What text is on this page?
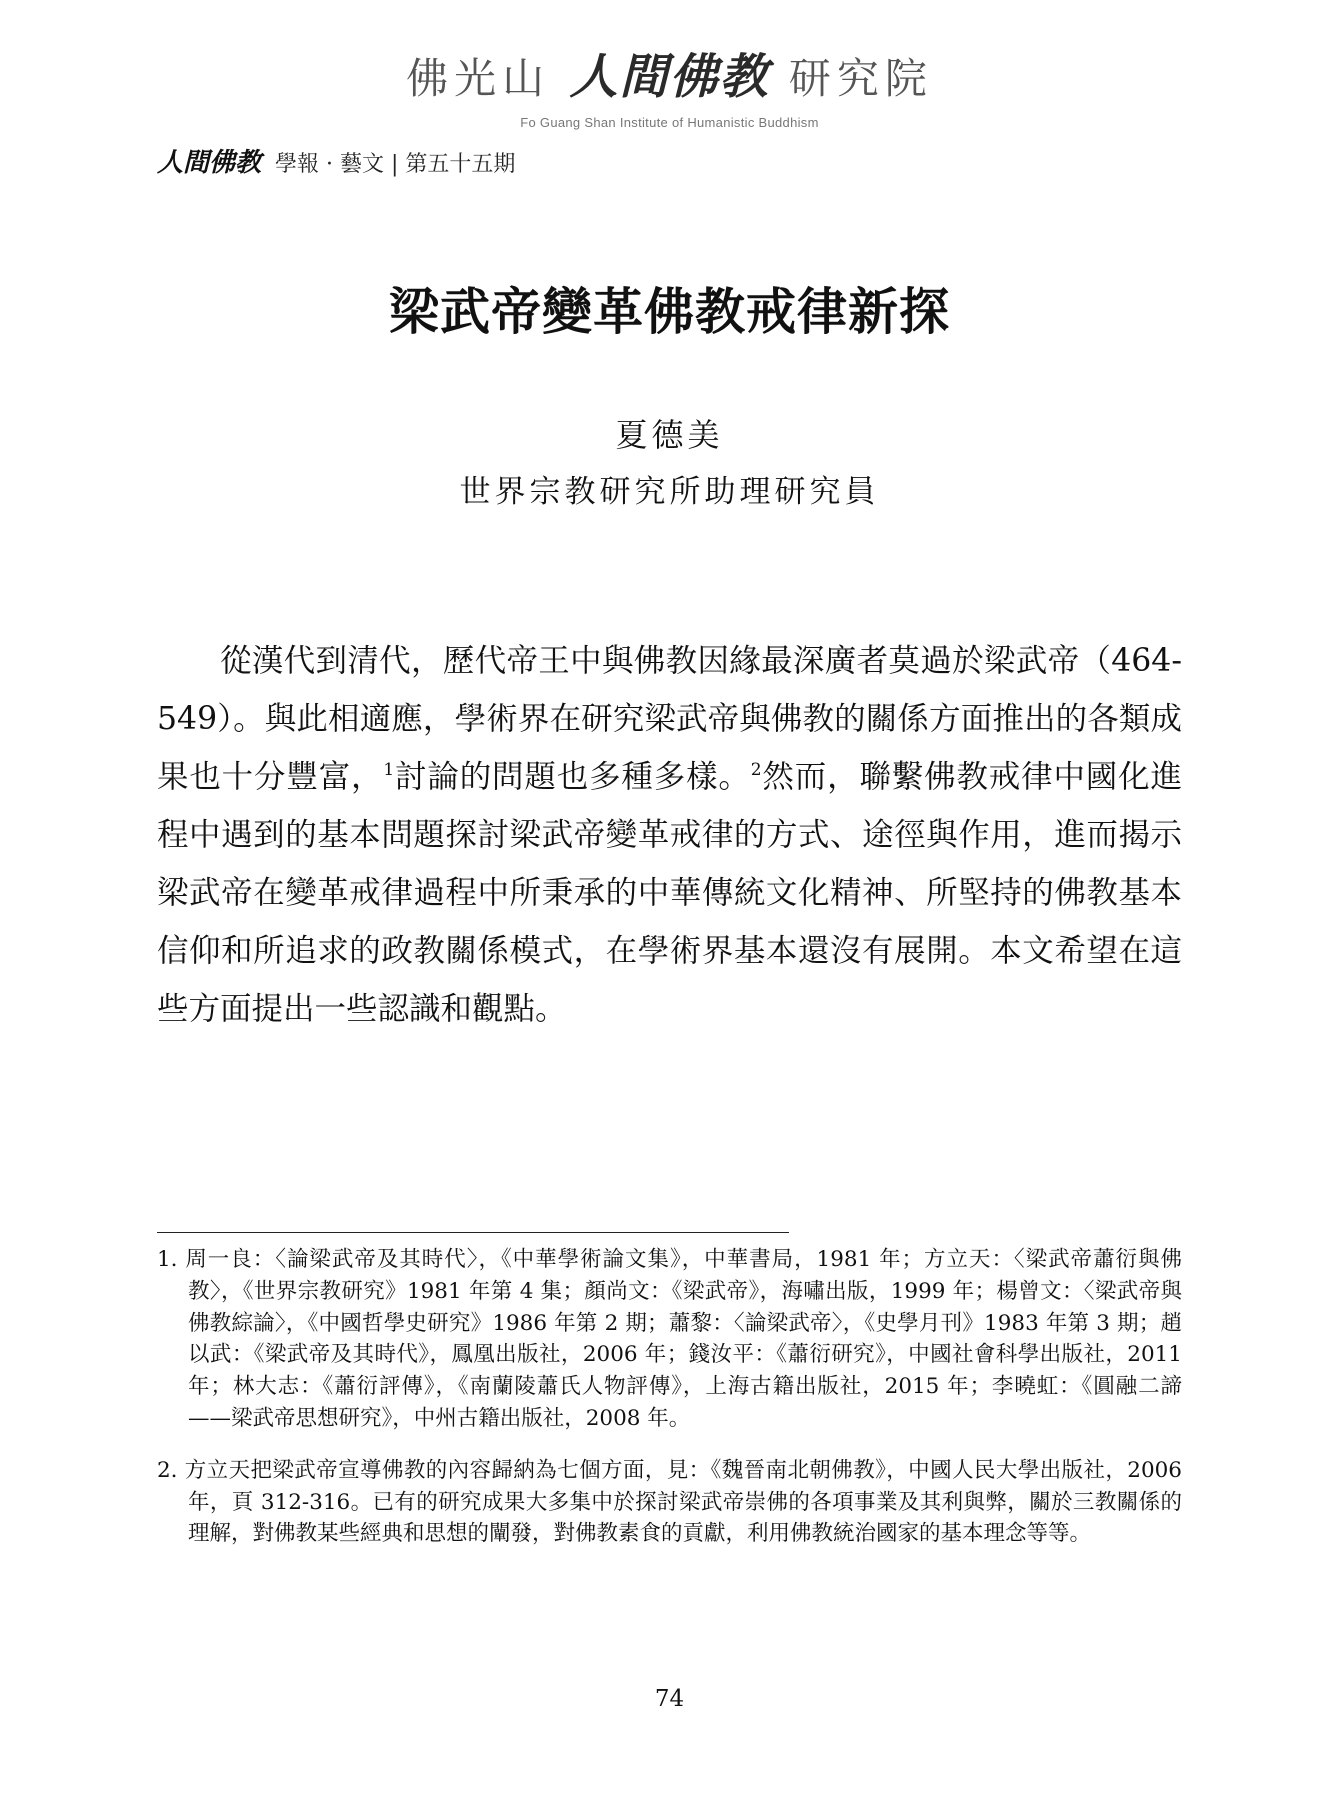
佛光山 人間佛教 研究院
Fo Guang Shan Institute of Humanistic Buddhism
人間佛教 學報 · 藝文 | 第五十五期
梁武帝變革佛教戒律新探
夏德美
世界宗教研究所助理研究員

從漢代到清代，歷代帝王中與佛教因緣最深廣者莫過於梁武帝（464-549）。與此相適應，學術界在研究梁武帝與佛教的關係方面推出的各類成果也十分豐富，$^1$討論的問題也多種多樣。$^2$然而，聯繫佛教戒律中國化進程中遇到的基本問題探討梁武帝變革戒律的方式、途徑與作用，進而揭示梁武帝在變革戒律過程中所秉承的中華傳統文化精神、所堅持的佛教基本信仰和所追求的政教關係模式，在學術界基本還沒有展開。本文希望在這些方面提出一些認識和觀點。

1. 周一良：〈論梁武帝及其時代〉，《中華學術論文集》，中華書局，1981 年；方立天：〈梁武帝蕭衍與佛教〉，《世界宗教研究》1981 年第 4 集；顏尚文：《梁武帝》，海嘯出版，1999 年；楊曾文：〈梁武帝與佛教綜論〉，《中國哲學史研究》1986 年第 2 期；蕭黎：〈論梁武帝〉，《史學月刊》1983 年第 3 期；趙以武：《梁武帝及其時代》，鳳凰出版社，2006 年；錢汝平：《蕭衍研究》，中國社會科學出版社，2011 年；林大志：《蕭衍評傳》，《南蘭陵蕭氏人物評傳》，上海古籍出版社，2015 年；李曉虹：《圓融二諦——梁武帝思想研究》，中州古籍出版社，2008 年。
2. 方立天把梁武帝宣導佛教的內容歸納為七個方面，見：《魏晉南北朝佛教》，中國人民大學出版社，2006 年，頁 312-316。已有的研究成果大多集中於探討梁武帝崇佛的各項事業及其利與弊，關於三教關係的理解，對佛教某些經典和思想的闡發，對佛教素食的貢獻，利用佛教統治國家的基本理念等等。
74
